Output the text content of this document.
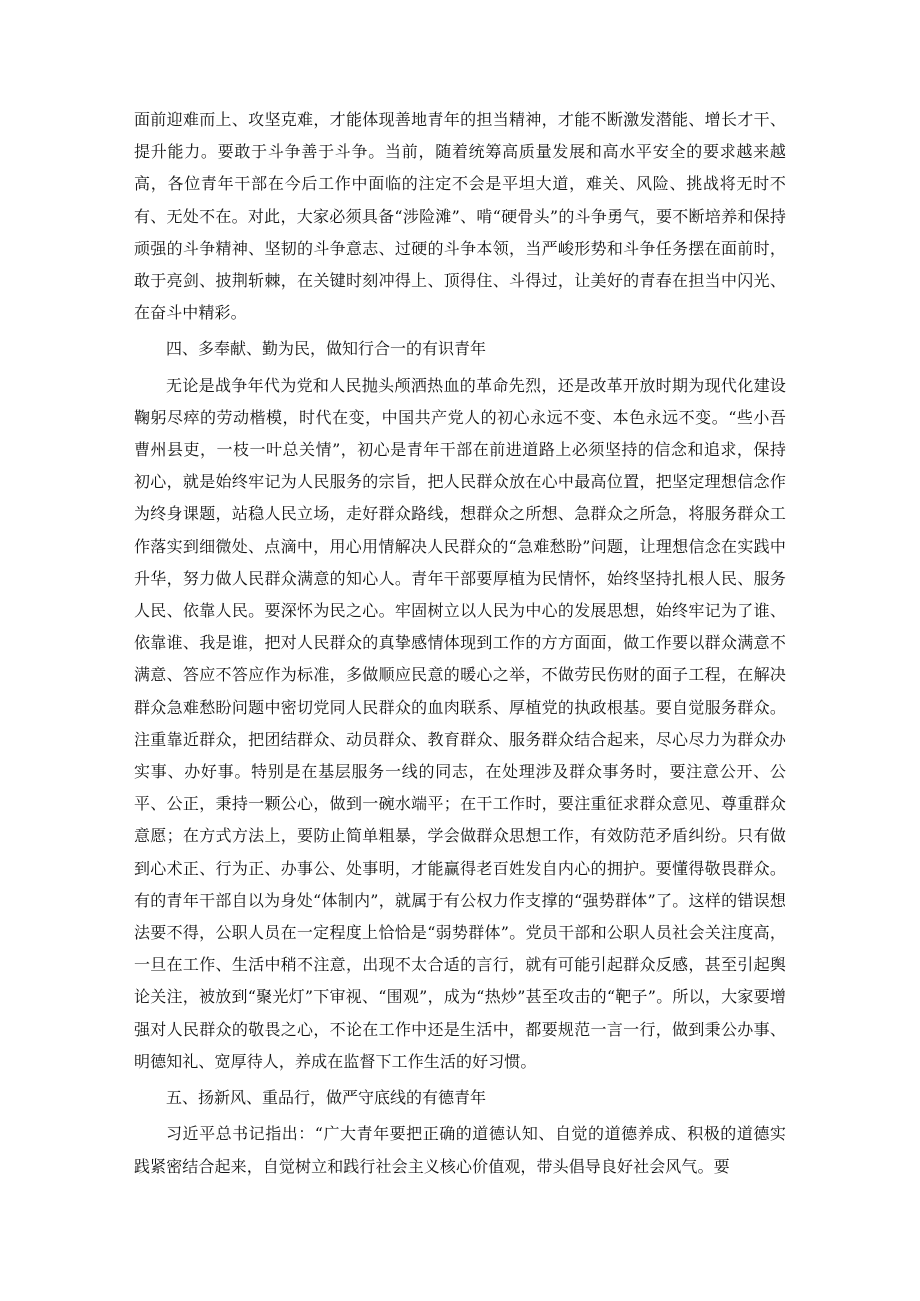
面前迎难而上、攻坚克难，才能体现善地青年的担当精神，才能不断激发潜能、增长才干、提升能力。要敢于斗争善于斗争。当前，随着统筹高质量发展和高水平安全的要求越来越高，各位青年干部在今后工作中面临的注定不会是平坦大道，难关、风险、挑战将无时不有、无处不在。对此，大家必须具备“涉险滩”、啃“硬骨头”的斗争勇气，要不断培养和保持顽强的斗争精神、坚韧的斗争意志、过硬的斗争本领，当严峻形势和斗争任务摆在面前时，敢于亮剑、披荆斩棘，在关键时刻冲得上、顶得住、斗得过，让美好的青春在担当中闪光、在奋斗中精彩。

四、多奉献、勤为民，做知行合一的有识青年

无论是战争年代为党和人民抛头颅洒热血的革命先烈，还是改革开放时期为现代化建设鞠躬尽瘁的劳动楷模，时代在变，中国共产党人的初心永远不变、本色永远不变。“些小吾曹州县吏，一枝一叶总关情”，初心是青年干部在前进道路上必须坚持的信念和追求，保持初心，就是始终牢记为人民服务的宗旨，把人民群众放在心中最高位置，把坚定理想信念作为终身课题，站稳人民立场，走好群众路线，想群众之所想、急群众之所急，将服务群众工作落实到细微处、点滴中，用心用情解决人民群众的“急难愁盼”问题，让理想信念在实践中升华，努力做人民群众满意的知心人。青年干部要厚植为民情怀，始终坚持扎根人民、服务人民、依靠人民。要深怀为民之心。牢固树立以人民为中心的发展思想，始终牢记为了谁、依靠谁、我是谁，把对人民群众的真挚感情体现到工作的方方面面，做工作要以群众满意不满意、答应不答应作为标准，多做顺应民意的暖心之举，不做劳民伤财的面子工程，在解决群众急难愁盼问题中密切党同人民群众的血肉联系、厚植党的执政根基。要自觉服务群众。注重靠近群众，把团结群众、动员群众、教育群众、服务群众结合起来，尽心尽力为群众办实事、办好事。特别是在基层服务一线的同志，在处理涉及群众事务时，要注意公开、公平、公正，秉持一颗公心，做到一碗水端平；在干工作时，要注重征求群众意见、尊重群众意愿；在方式方法上，要防止简单粗暴，学会做群众思想工作，有效防范矛盾纠纷。只有做到心术正、行为正、办事公、处事明，才能赢得老百姓发自内心的拥护。要懂得敬畏群众。有的青年干部自以为身处“体制内”，就属于有公权力作支撑的“强势群体”了。这样的错误想法要不得，公职人员在一定程度上恰恰是“弱势群体”。党员干部和公职人员社会关注度高，一旦在工作、生活中稍不注意，出现不太合适的言行，就有可能引起群众反感，甚至引起舆论关注，被放到“聚光灯”下审视、“围观”，成为“热炒”甚至攻击的“靶子”。所以，大家要增强对人民群众的敬畏之心，不论在工作中还是生活中，都要规范一言一行，做到秉公办事、明德知礼、宽厚待人，养成在监督下工作生活的好习惯。

五、扬新风、重品行，做严守底线的有德青年

习近平总书记指出：“广大青年要把正确的道德认知、自觉的道德养成、积极的道德实践紧密结合起来，自觉树立和践行社会主义核心价值观，带头倡导良好社会风气。要
